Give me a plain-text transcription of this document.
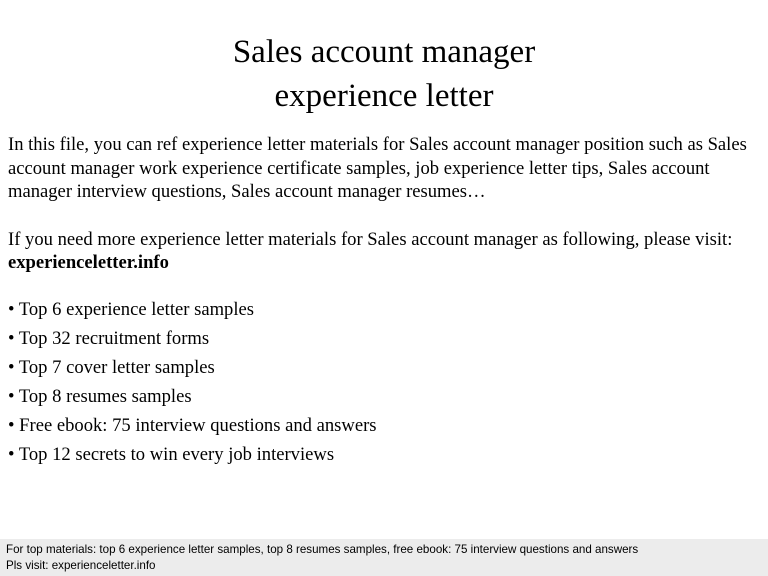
Sales account manager
experience letter

In this file, you can ref experience letter materials for Sales account manager position such as Sales account manager work experience certificate samples, job experience letter tips, Sales account manager interview questions, Sales account manager resumes…

If you need more experience letter materials for Sales account manager as following, please visit:  experienceletter.info

• Top 6 experience letter samples
• Top 32 recruitment forms
• Top 7 cover letter samples
• Top 8 resumes samples
• Free ebook: 75 interview questions and answers
• Top 12 secrets to win every job interviews
For top materials: top 6 experience letter samples, top 8 resumes samples, free ebook: 75 interview questions and answers
Pls visit: experienceletter.info
